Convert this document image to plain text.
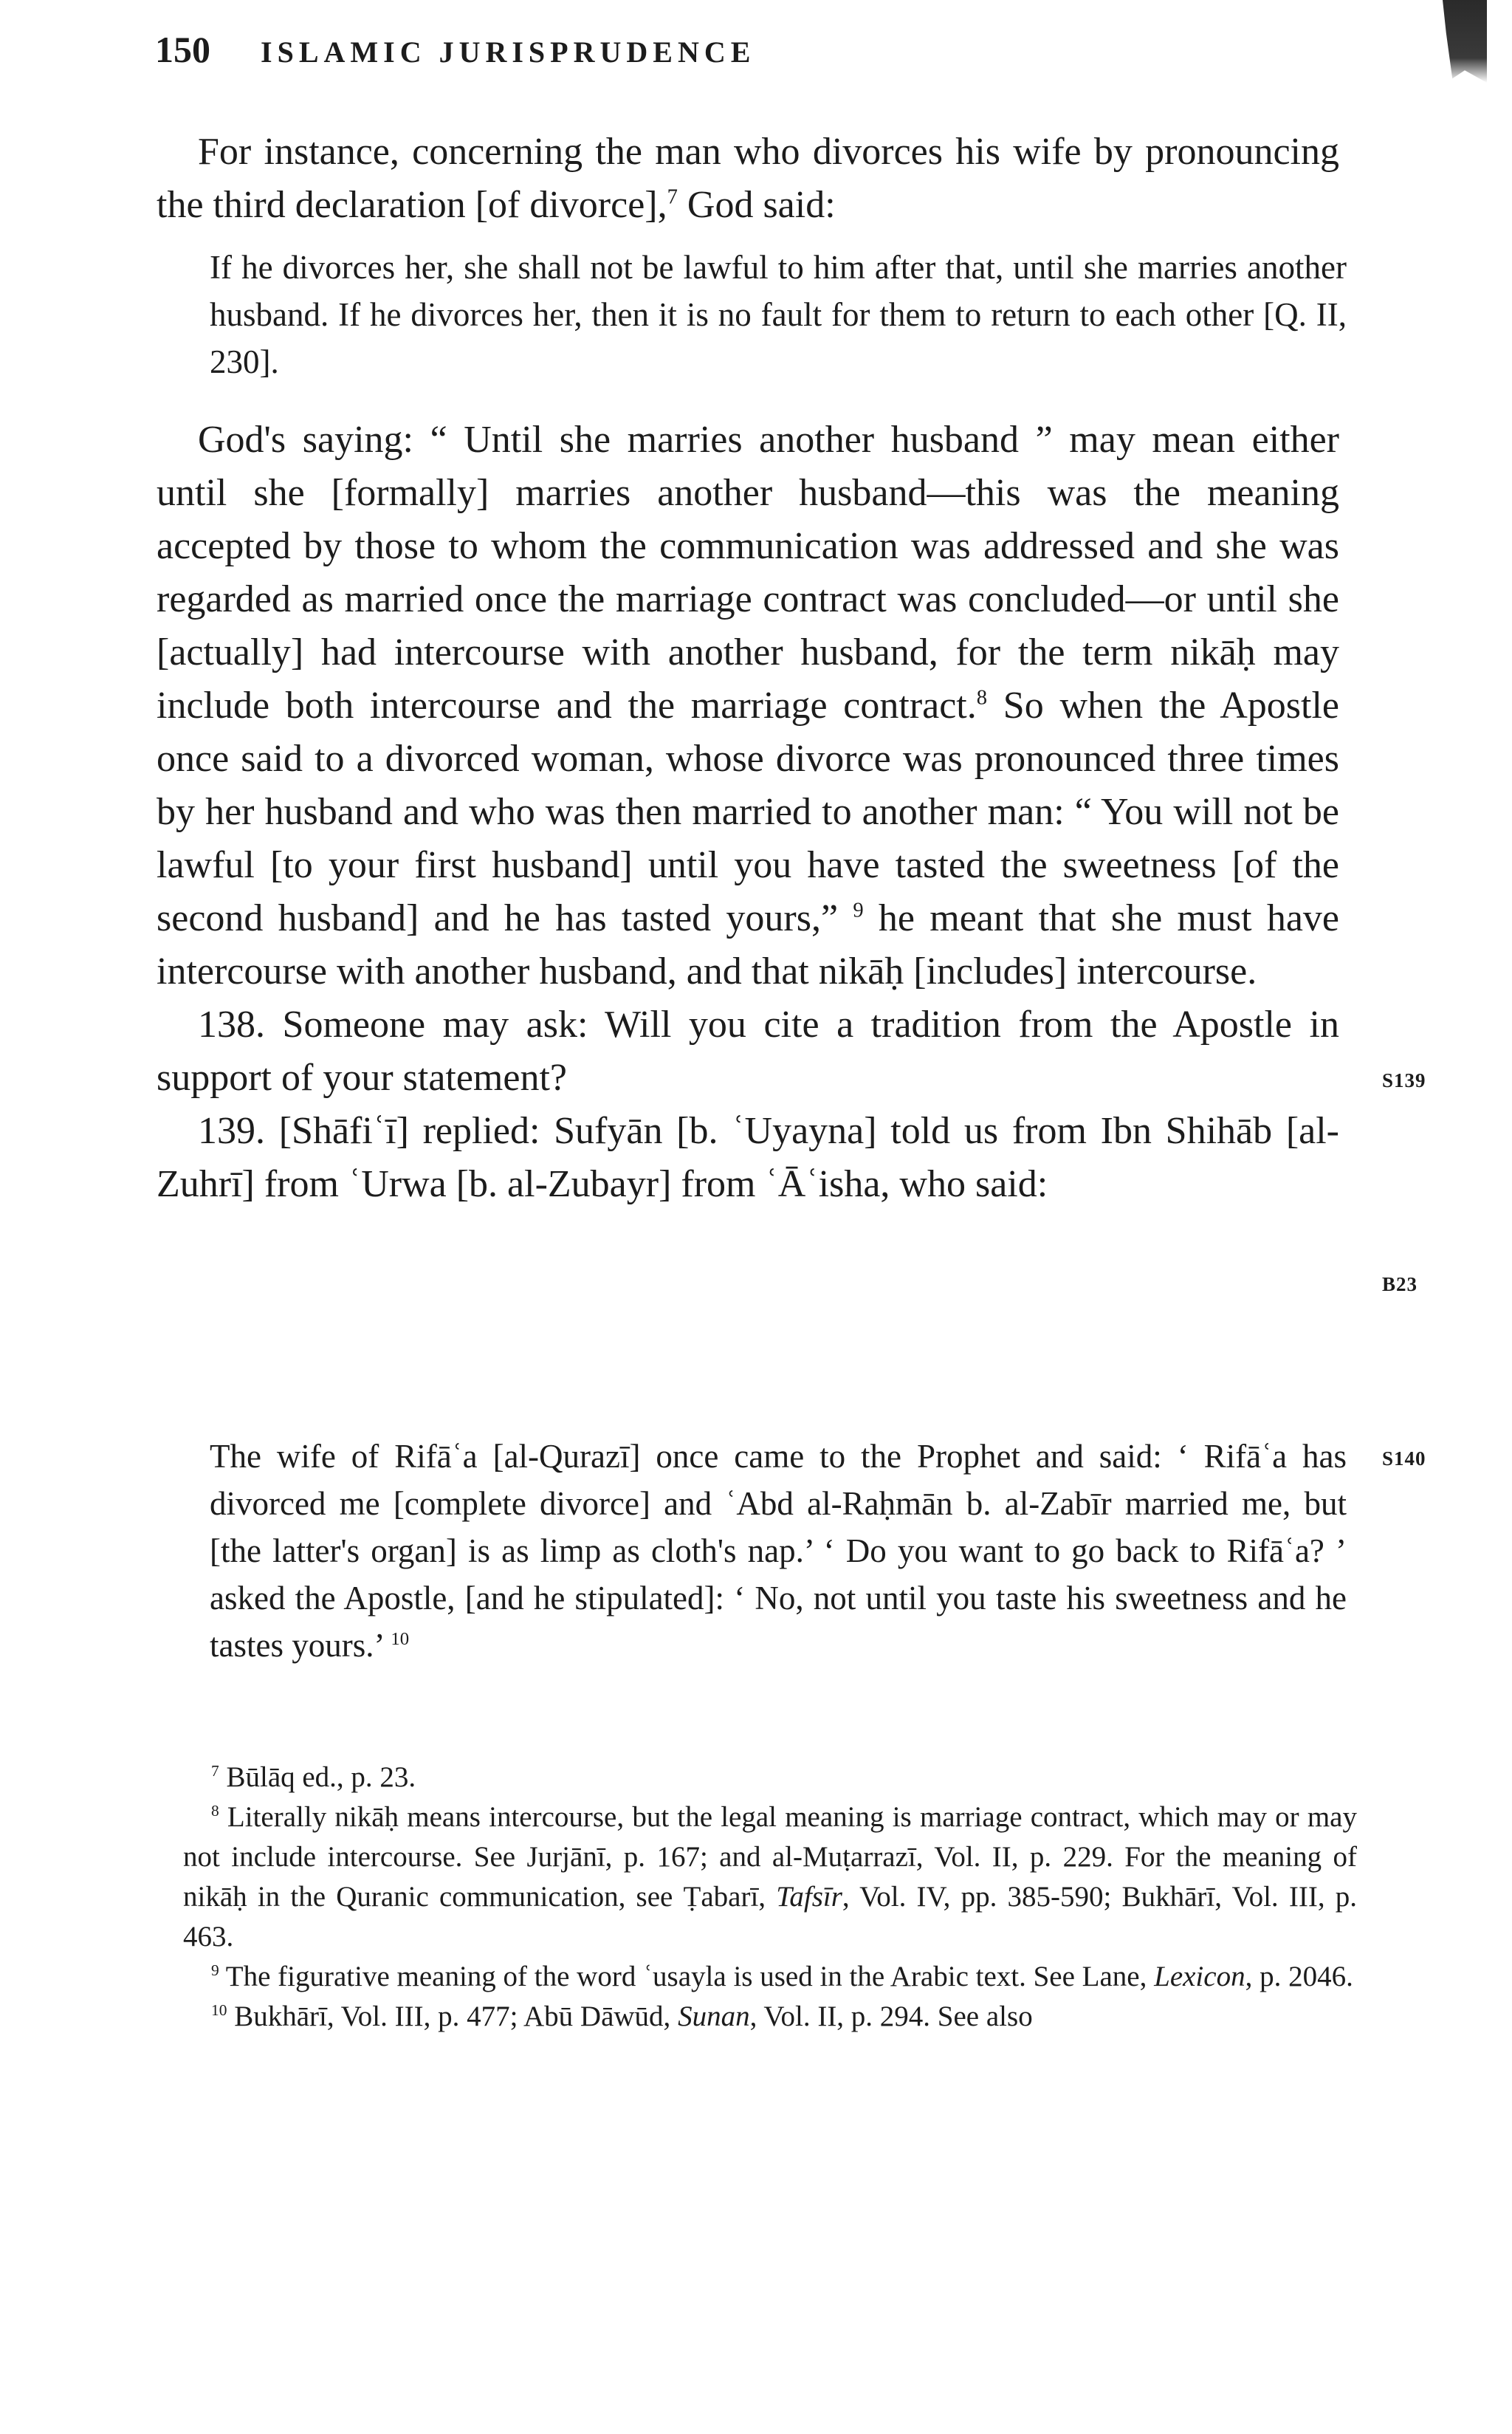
150 ISLAMIC JURISPRUDENCE

For instance, concerning the man who divorces his wife by pronouncing the third declaration [of divorce],$^7$ God said:

If he divorces her, she shall not be lawful to him after that, until she marries another husband. If he divorces her, then it is no fault for them to return to each other [Q. II, 230].

God's saying: “ Until she marries another husband ” may mean either until she [formally] marries another husband—this was the meaning accepted by those to whom the communication was addressed and she was regarded as married once the marriage contract was concluded—or until she [actually] had intercourse with another husband, for the term nikāḥ may include both intercourse and the marriage contract.$^8$ So when the Apostle once said to a divorced woman, whose divorce was pronounced three times by her husband and who was then married to another man: “ You will not be lawful [to your first husband] until you have tasted the sweetness [of the second husband] and he has tasted yours,” $^9$ he meant that she must have intercourse with another husband, and that nikāḥ [includes] intercourse.

138. Someone may ask: Will you cite a tradition from the Apostle in support of your statement?

139. [Shāfiʿī] replied: Sufyān [b. ʿUyayna] told us from Ibn Shihāb [al-Zuhrī] from ʿUrwa [b. al-Zubayr] from ʿĀʿisha, who said:

The wife of Rifāʿa [al-Qurazī] once came to the Prophet and said: ‘ Rifāʿa has divorced me [complete divorce] and ʿAbd al-Raḥmān b. al-Zabīr married me, but [the latter's organ] is as limp as cloth's nap.’ ‘ Do you want to go back to Rifāʿa? ’ asked the Apostle, [and he stipulated]: ‘ No, not until you taste his sweetness and he tastes yours.’ $^{10}$

S139
B23
S140

$^7$ Būlāq ed., p. 23.

$^8$ Literally nikāḥ means intercourse, but the legal meaning is marriage contract, which may or may not include intercourse. See Jurjānī, p. 167; and al-Muṭarrazī, Vol. II, p. 229. For the meaning of nikāḥ in the Quranic communication, see Ṭabarī, Tafsīr, Vol. IV, pp. 385-590; Bukhārī, Vol. III, p. 463.

$^9$ The figurative meaning of the word ʿusayla is used in the Arabic text. See Lane, Lexicon, p. 2046.

$^{10}$ Bukhārī, Vol. III, p. 477; Abū Dāwūd, Sunan, Vol. II, p. 294. See also
